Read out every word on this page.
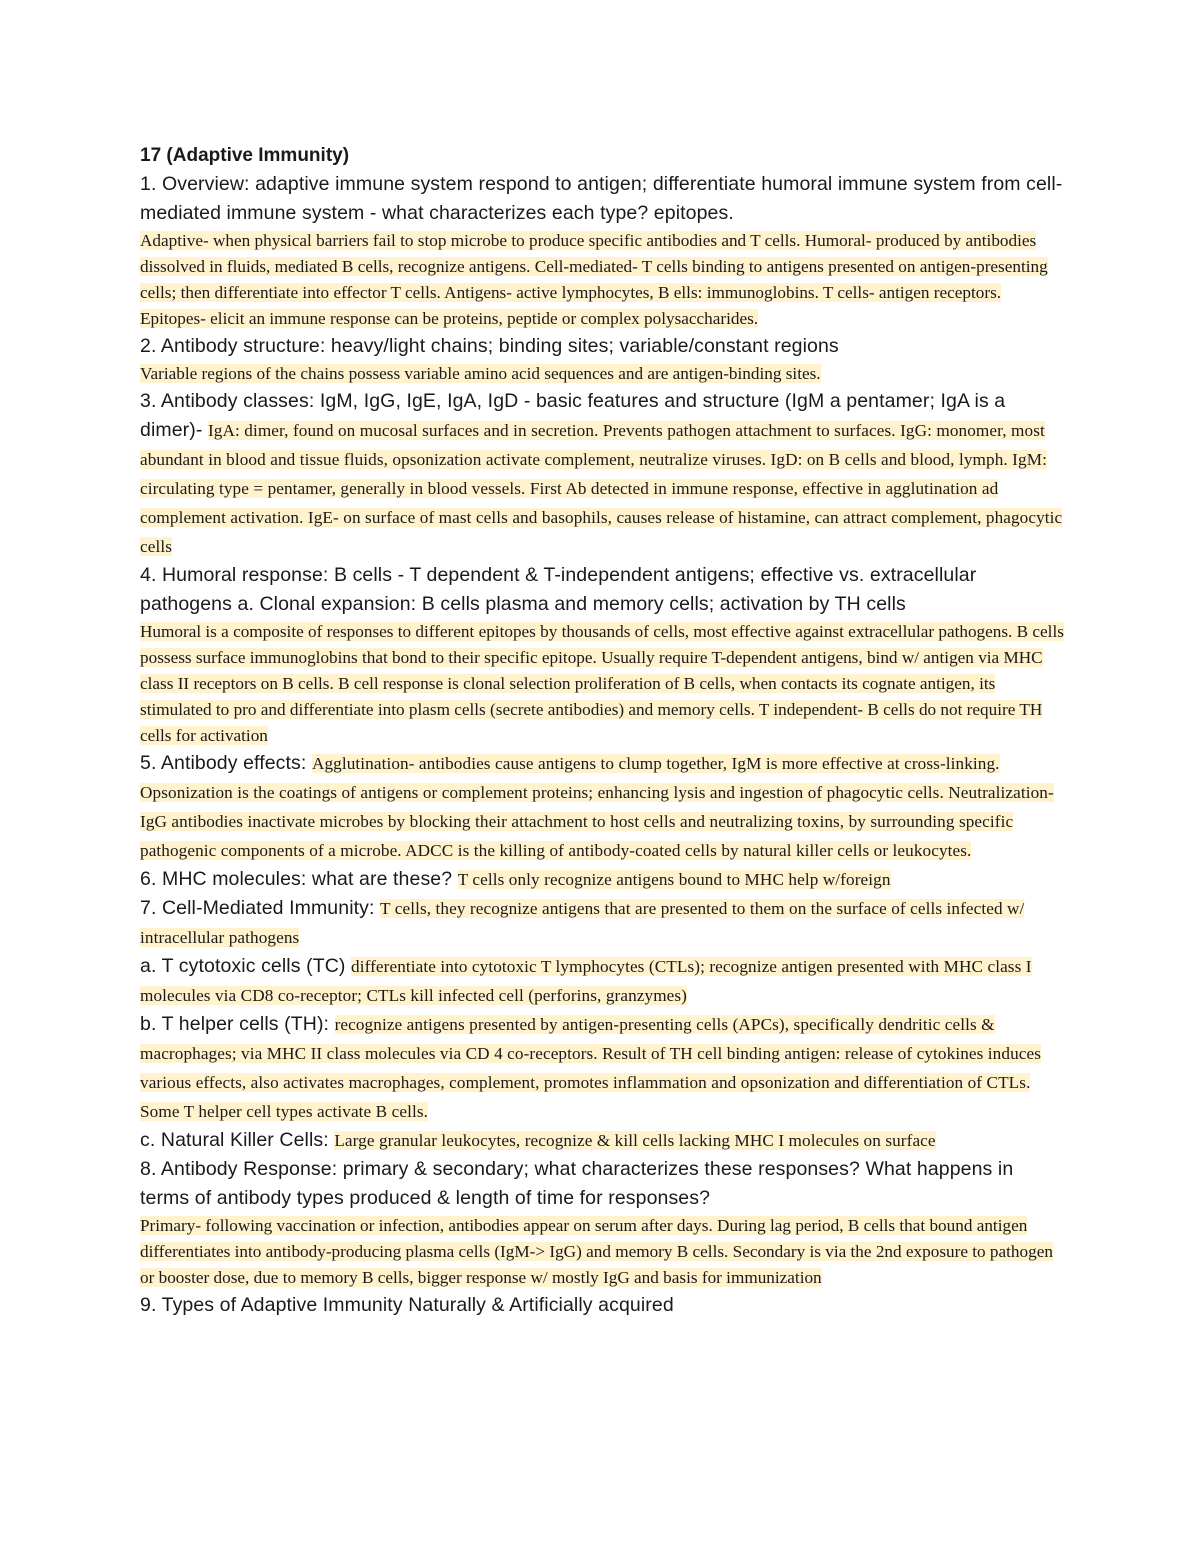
17 (Adaptive Immunity)

1. Overview: adaptive immune system respond to antigen; differentiate humoral immune system from cell-mediated immune system - what characterizes each type? epitopes.

Adaptive- when physical barriers fail to stop microbe to produce specific antibodies and T cells. Humoral- produced by antibodies dissolved in fluids, mediated B cells, recognize antigens. Cell-mediated- T cells binding to antigens presented on antigen-presenting cells; then differentiate into effector T cells. Antigens- active lymphocytes, B ells: immunoglobins. T cells- antigen receptors. Epitopes- elicit an immune response can be proteins, peptide or complex polysaccharides.

2. Antibody structure: heavy/light chains; binding sites; variable/constant regions

Variable regions of the chains possess variable amino acid sequences and are antigen-binding sites.

3. Antibody classes: IgM, IgG, IgE, IgA, IgD - basic features and structure (IgM a pentamer; IgA is a dimer)- IgA: dimer, found on mucosal surfaces and in secretion. Prevents pathogen attachment to surfaces. IgG: monomer, most abundant in blood and tissue fluids, opsonization activate complement, neutralize viruses. IgD: on B cells and blood, lymph. IgM: circulating type = pentamer, generally in blood vessels. First Ab detected in immune response, effective in agglutination ad complement activation. IgE- on surface of mast cells and basophils, causes release of histamine, can attract complement, phagocytic cells

4. Humoral response: B cells - T dependent & T-independent antigens; effective vs. extracellular pathogens a. Clonal expansion: B cells plasma and memory cells; activation by TH cells

Humoral is a composite of responses to different epitopes by thousands of cells, most effective against extracellular pathogens. B cells possess surface immunoglobins that bond to their specific epitope. Usually require T-dependent antigens, bind w/ antigen via MHC class II receptors on B cells. B cell response is clonal selection proliferation of B cells, when contacts its cognate antigen, its stimulated to pro and differentiate into plasm cells (secrete antibodies) and memory cells. T independent- B cells do not require TH cells for activation

5. Antibody effects: Agglutination- antibodies cause antigens to clump together, IgM is more effective at cross-linking. Opsonization is the coatings of antigens or complement proteins; enhancing lysis and ingestion of phagocytic cells. Neutralization- IgG antibodies inactivate microbes by blocking their attachment to host cells and neutralizing toxins, by surrounding specific pathogenic components of a microbe. ADCC is the killing of antibody-coated cells by natural killer cells or leukocytes.

6. MHC molecules: what are these? T cells only recognize antigens bound to MHC help w/foreign

7. Cell-Mediated Immunity: T cells, they recognize antigens that are presented to them on the surface of cells infected w/ intracellular pathogens

a. T cytotoxic cells (TC) differentiate into cytotoxic T lymphocytes (CTLs); recognize antigen presented with MHC class I molecules via CD8 co-receptor; CTLs kill infected cell (perforins, granzymes)

b. T helper cells (TH): recognize antigens presented by antigen-presenting cells (APCs), specifically dendritic cells & macrophages; via MHC II class molecules via CD 4 co-receptors. Result of TH cell binding antigen: release of cytokines induces various effects, also activates macrophages, complement, promotes inflammation and opsonization and differentiation of CTLs. Some T helper cell types activate B cells.

c. Natural Killer Cells: Large granular leukocytes, recognize & kill cells lacking MHC I molecules on surface

8. Antibody Response: primary & secondary; what characterizes these responses? What happens in terms of antibody types produced & length of time for responses?

Primary- following vaccination or infection, antibodies appear on serum after days. During lag period, B cells that bound antigen differentiates into antibody-producing plasma cells (IgM-> IgG) and memory B cells. Secondary is via the 2nd exposure to pathogen or booster dose, due to memory B cells, bigger response w/ mostly IgG and basis for immunization

9. Types of Adaptive Immunity Naturally & Artificially acquired
